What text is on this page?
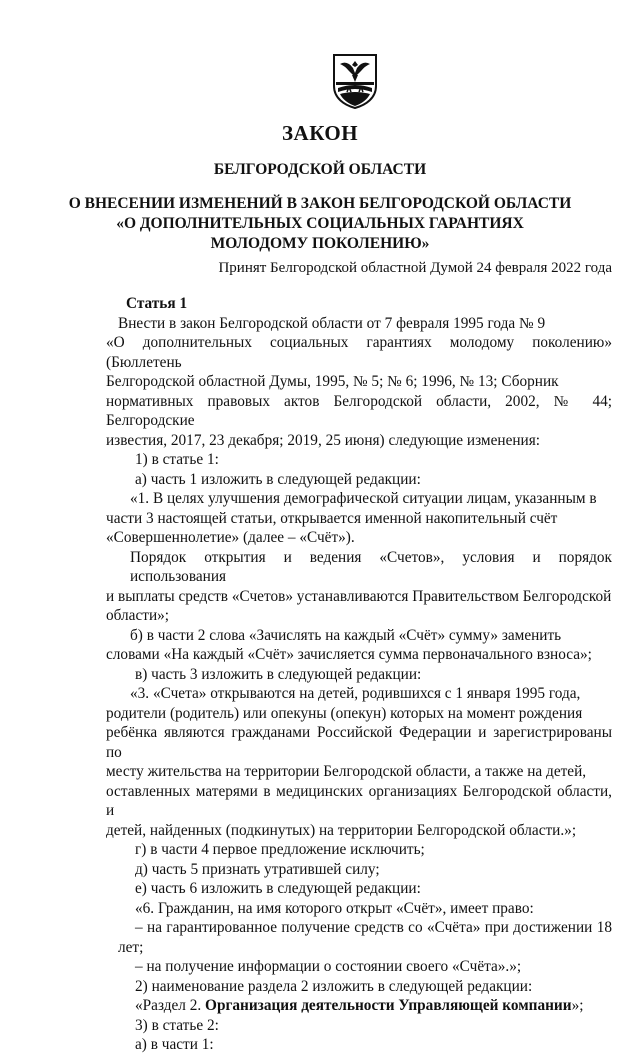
ЗАКОН
БЕЛГОРОДСКОЙ ОБЛАСТИ
О ВНЕСЕНИИ ИЗМЕНЕНИЙ В ЗАКОН БЕЛГОРОДСКОЙ ОБЛАСТИ
«О ДОПОЛНИТЕЛЬНЫХ СОЦИАЛЬНЫХ ГАРАНТИЯХ
МОЛОДОМУ ПОКОЛЕНИЮ»

Принят Белгородской областной Думой 24 февраля 2022 года

Статья 1

Внести в закон Белгородской области от 7 февраля 1995 года № 9
«О дополнительных социальных гарантиях молодому поколению» (Бюллетень
Белгородской областной Думы, 1995, № 5; № 6; 1996, № 13; Сборник
нормативных правовых актов Белгородской области, 2002, № 44; Белгородские
известия, 2017, 23 декабря; 2019, 25 июня) следующие изменения:

1) в статье 1:

а) часть 1 изложить в следующей редакции:

«1. В целях улучшения демографической ситуации лицам, указанным в
части 3 настоящей статьи, открывается именной накопительный счёт
«Совершеннолетие» (далее – «Счёт»).
Порядок открытия и ведения «Счетов», условия и порядок использования
и выплаты средств «Счетов» устанавливаются Правительством Белгородской
области»;
б) в части 2 слова «Зачислять на каждый «Счёт» сумму» заменить
словами «На каждый «Счёт» зачисляется сумма первоначального взноса»;

в) часть 3 изложить в следующей редакции:

«3. «Счета» открываются на детей, родившихся с 1 января 1995 года,
родители (родитель) или опекуны (опекун) которых на момент рождения
ребёнка являются гражданами Российской Федерации и зарегистрированы по
месту жительства на территории Белгородской области, а также на детей,
оставленных матерями в медицинских организациях Белгородской области, и
детей, найденных (подкинутых) на территории Белгородской области.»;

г) в части 4 первое предложение исключить;

д) часть 5 признать утратившей силу;

е) часть 6 изложить в следующей редакции:

«6. Гражданин, на имя которого открыт «Счёт», имеет право:

– на гарантированное получение средств со «Счёта» при достижении 18 лет;

– на получение информации о состоянии своего «Счёта».»;

2) наименование раздела 2 изложить в следующей редакции:

«Раздел 2. Организация деятельности Управляющей компании»;

3) в статье 2:

а) в части 1:
